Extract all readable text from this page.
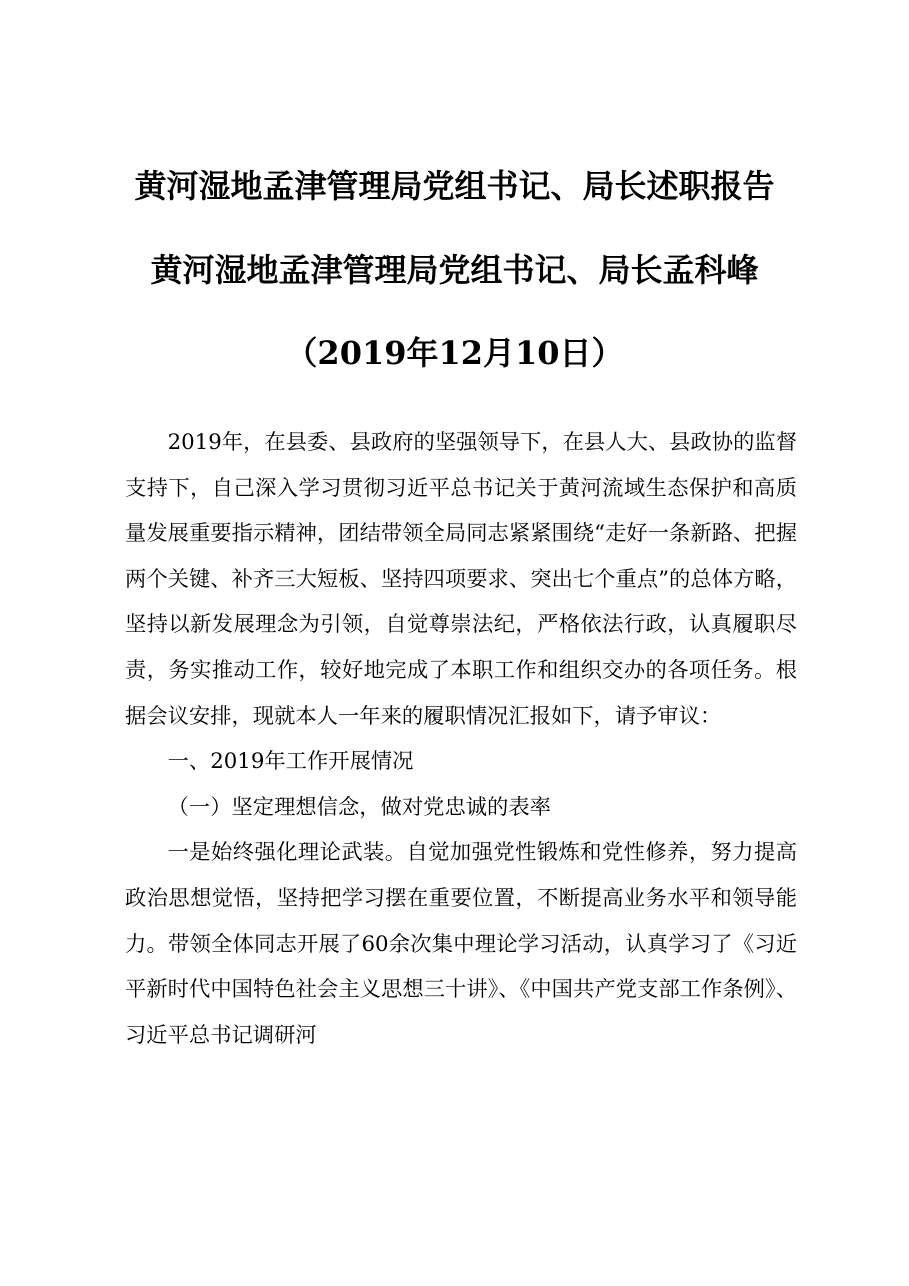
黄河湿地孟津管理局党组书记、局长述职报告
黄河湿地孟津管理局党组书记、局长孟科峰
（2019年12月10日）

2019年，在县委、县政府的坚强领导下，在县人大、县政协的监督支持下，自己深入学习贯彻习近平总书记关于黄河流域生态保护和高质量发展重要指示精神，团结带领全局同志紧紧围绕“走好一条新路、把握两个关键、补齐三大短板、坚持四项要求、突出七个重点”的总体方略，坚持以新发展理念为引领，自觉尊崇法纪，严格依法行政，认真履职尽责，务实推动工作，较好地完成了本职工作和组织交办的各项任务。根据会议安排，现就本人一年来的履职情况汇报如下，请予审议：

一、2019年工作开展情况

（一）坚定理想信念，做对党忠诚的表率

一是始终强化理论武装。自觉加强党性锻炼和党性修养，努力提高政治思想觉悟，坚持把学习摆在重要位置，不断提高业务水平和领导能力。带领全体同志开展了60余次集中理论学习活动，认真学习了《习近平新时代中国特色社会主义思想三十讲》、《中国共产党支部工作条例》、习近平总书记调研河
